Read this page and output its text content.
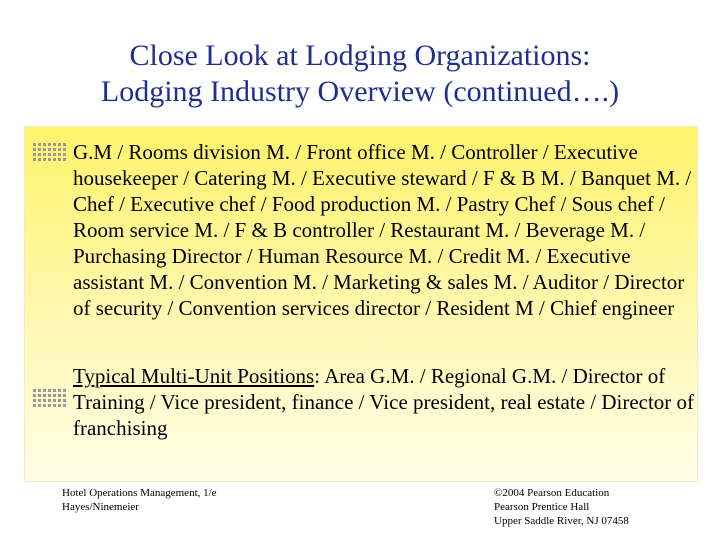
Close Look at Lodging Organizations:
Lodging Industry Overview (continued….)
G.M / Rooms division M. / Front office M. / Controller / Executive housekeeper / Catering M. / Executive steward / F & B M. / Banquet M. / Chef / Executive chef / Food production M. / Pastry Chef / Sous chef / Room service M. / F & B controller / Restaurant M. / Beverage M. / Purchasing Director / Human Resource M. / Credit M. / Executive assistant M. / Convention M. / Marketing & sales M. / Auditor / Director of security / Convention services director / Resident M / Chief engineer
Typical Multi-Unit Positions: Area G.M. / Regional G.M. / Director of Training / Vice president, finance / Vice president, real estate / Director of franchising
Hotel Operations Management, 1/e
Hayes/Ninemeier
©2004 Pearson Education
Pearson Prentice Hall
Upper Saddle River, NJ 07458
